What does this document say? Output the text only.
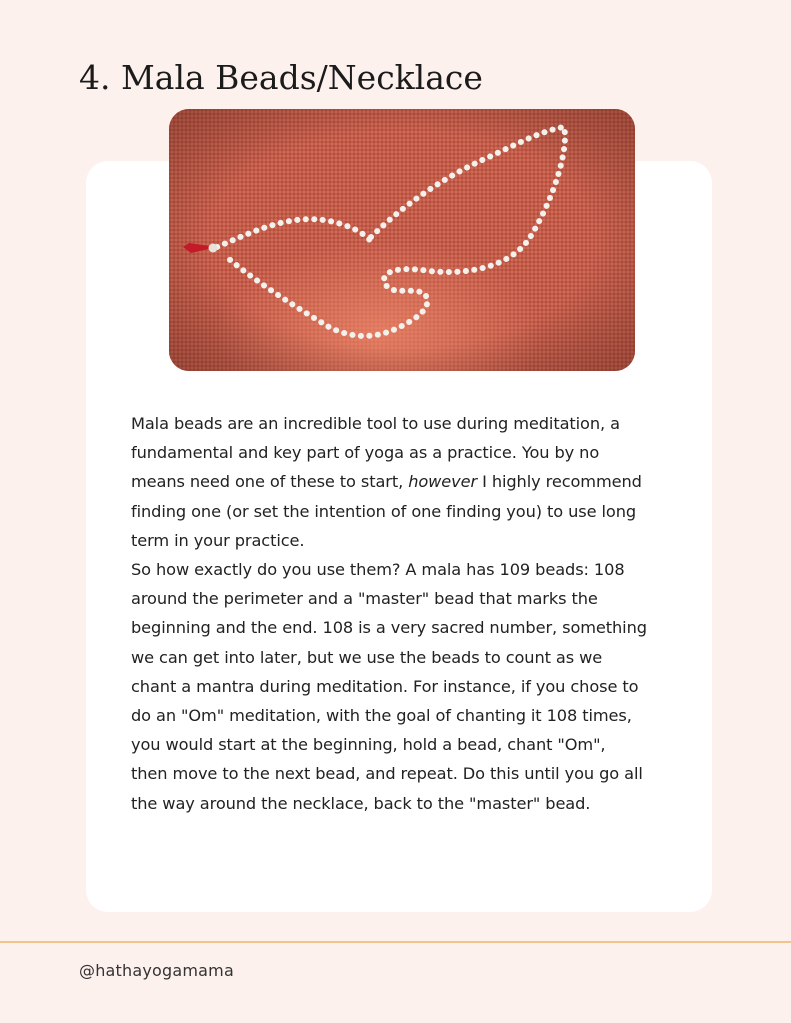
4. Mala Beads/Necklace
Mala beads are an incredible tool to use during meditation, a
fundamental and key part of yoga as a practice. You by no
means need one of these to start, however I highly recommend
finding one (or set the intention of one finding you) to use long
term in your practice.
So how exactly do you use them? A mala has 109 beads: 108
around the perimeter and a "master" bead that marks the
beginning and the end. 108 is a very sacred number, something
we can get into later, but we use the beads to count as we
chant a mantra during meditation. For instance, if you chose to
do an "Om" meditation, with the goal of chanting it 108 times,
you would start at the beginning, hold a bead, chant "Om",
then move to the next bead, and repeat. Do this until you go all
the way around the necklace, back to the "master" bead.
@hathayogamama
